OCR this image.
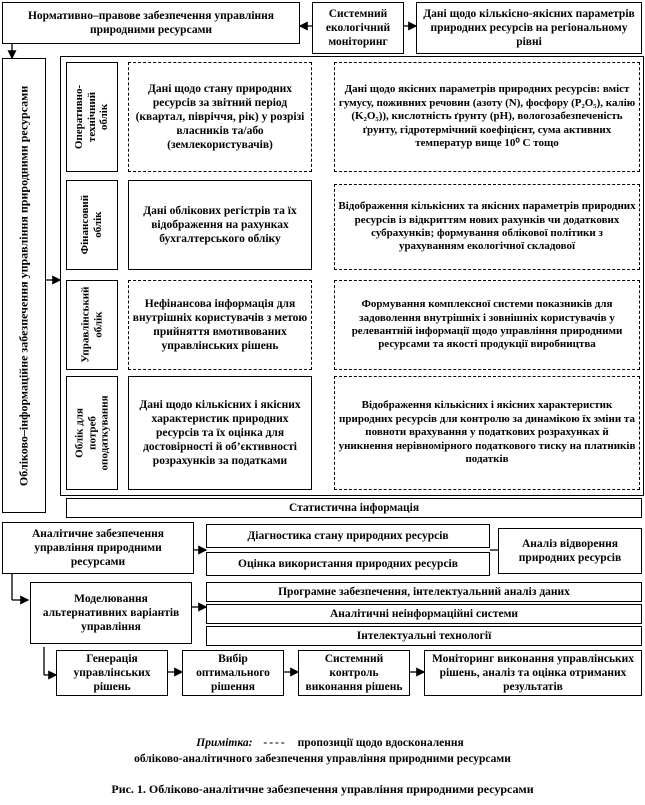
Нормативно–правове забезпечення управління природними ресурсами
Системний екологічний моніторинг
Дані щодо кількісно-якісних параметрів природних ресурсів на регіональному рівні
Обліково–інформаційне забезпечення управління природними ресурсами	Оперативно-технічний облік
Дані щодо стану природних ресурсів за звітний період (квартал, півріччя, рік) у розрізі власників та/або (землекористувачів)
Дані щодо якісних параметрів природних ресурсів: вміст гумусу, поживних речовин (азоту (N), фосфору (P₂O₅), калію (K₂O₅)), кислотність ґрунту (pH), вологозабезпеченість ґрунту, гідротермічний коефіцієнт, сума активних температур вище 10⁰ С тощо
Фінансовий облік
Дані облікових регістрів та їх відображення на рахунках бухгалтерського обліку
Відображення кількісних та якісних параметрів природних ресурсів із відкриттям нових рахунків чи додаткових субрахунків; формування облікової політики з урахуванням екологічної складової
Управлінський облік
Нефінансова інформація для внутрішніх користувачів з метою прийняття вмотивованих управлінських рішень
Формування комплексної системи показників для задоволення внутрішніх і зовнішніх користувачів у релевантній інформації щодо управління природними ресурсами та якості продукції виробництва
Облік для потреб оподаткування	Дані щодо кількісних і якісних характеристик природних ресурсів та їх оцінка для достовірності й об’єктивності розрахунків за податками
Відображення кількісних і якісних характеристик природних ресурсів для контролю за динамікою їх зміни та повноти врахування у податкових розрахунках й уникнення нерівномірного податкового тиску на платників податків
Статистична інформація
Аналітичне забезпечення управління природними ресурсами
Діагностика стану природних ресурсів
Оцінка використання природних ресурсів
Аналіз відворення природних ресурсів
Моделювання альтернативних варіантів управління
Програмне забезпечення, інтелектуальний аналіз даних
Аналітичні неінформаційні системи
Інтелектуальні технології
Генерація управлінських рішень
Вибір оптимального рішення
Системний контроль виконання рішень
Моніторинг виконання управлінських рішень, аналіз та оцінка отриманих результатів
Примітка: ---- пропозиції щодо вдосконалення
обліково-аналітичного забезпечення управління природними ресурсами
Рис. 1. Обліково-аналітичне забезпечення управління природними ресурсами
